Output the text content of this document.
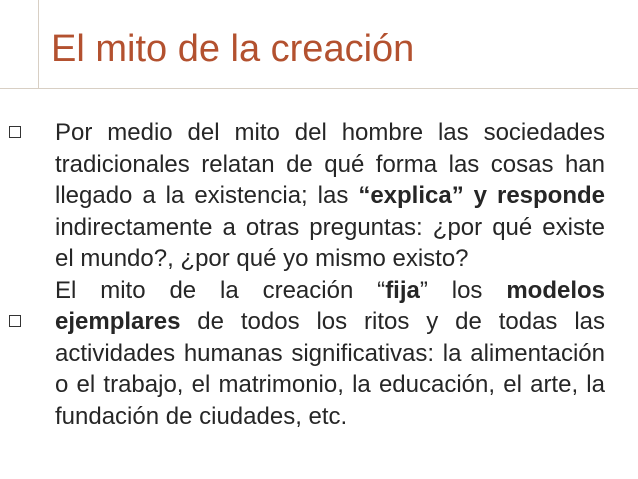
El mito de la creación

Por medio del mito del hombre las sociedades tradicionales relatan de qué forma las cosas han llegado a la existencia; las “explica” y responde indirectamente a otras preguntas: ¿por qué existe el mundo?, ¿por qué yo mismo existo?

El mito de la creación “fija” los modelos ejemplares de todos los ritos y de todas las actividades humanas significativas: la alimentación o el trabajo, el matrimonio, la educación, el arte, la fundación de ciudades, etc.
